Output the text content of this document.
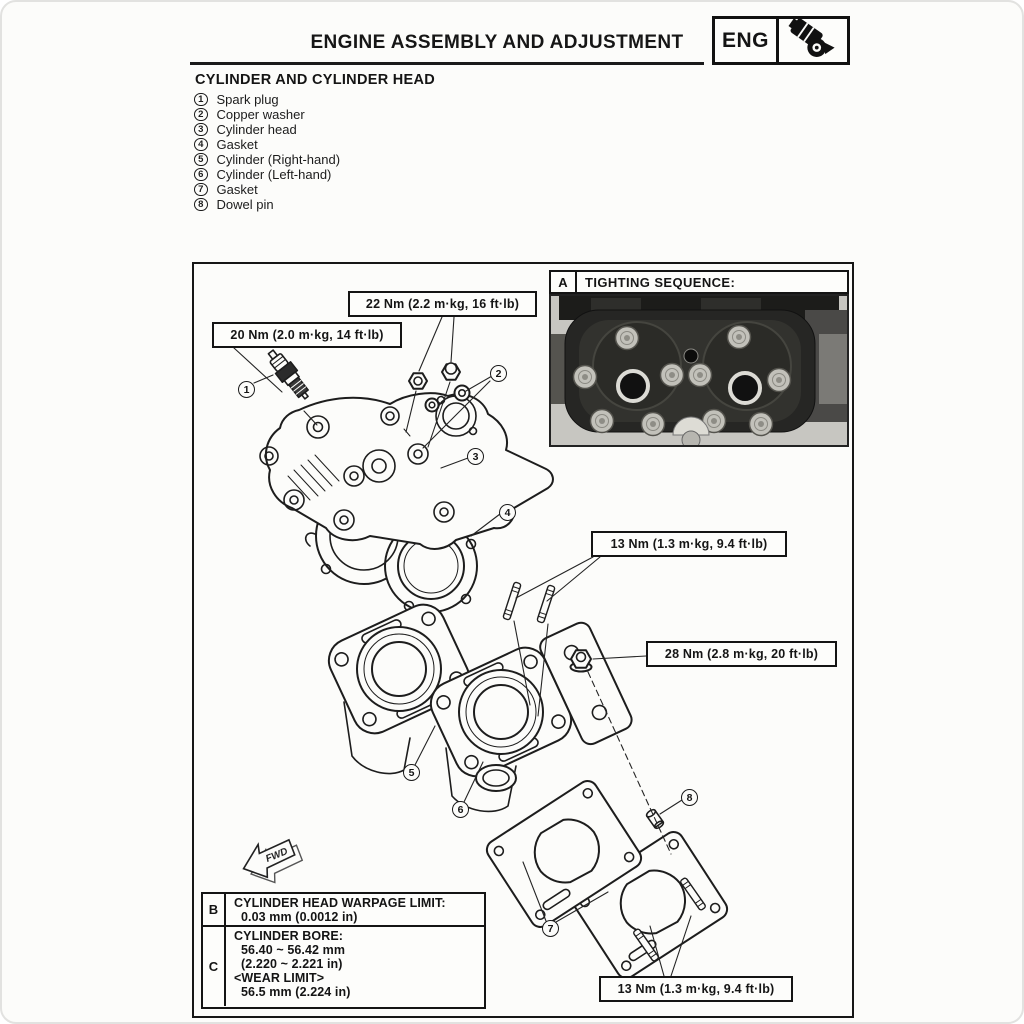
ENGINE ASSEMBLY AND ADJUSTMENT	ENG
CYLINDER AND CYLINDER HEAD
1	Spark plug
2	Copper washer
3	Cylinder head
4	Gasket
5	Cylinder (Right-hand)
6	Cylinder (Left-hand)
7	Gasket
8	Dowel pin
A	TIGHTING SEQUENCE:
20 Nm (2.0 m·kg, 14 ft·lb)
22 Nm (2.2 m·kg, 16 ft·lb)
13 Nm (1.3 m·kg, 9.4 ft·lb)
28 Nm (2.8 m·kg, 20 ft·lb)
13 Nm (1.3 m·kg, 9.4 ft·lb)
1
2
3
4
5
6
7
8
FWD
B	CYLINDER HEAD WARPAGE LIMIT:
0.03 mm (0.0012 in)
C
CYLINDER BORE:
56.40 ~ 56.42 mm
(2.220 ~ 2.221 in)
<WEAR LIMIT>
56.5 mm (2.224 in)
